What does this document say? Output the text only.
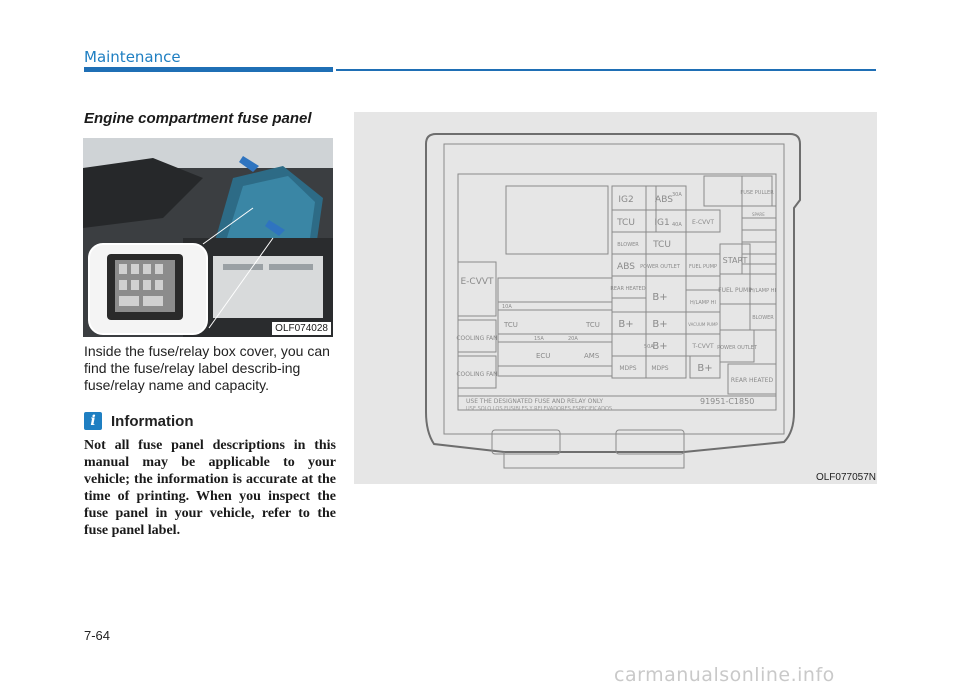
Maintenance
Engine compartment fuse panel
OLF074028
Inside the fuse/relay box cover, you can find the fuse/relay label describ-ing fuse/relay name and capacity.
i	Information
Not all fuse panel descriptions in this manual may be applicable to your vehicle; the information is accurate at the time of printing. When you inspect the fuse panel in your vehicle, refer to the fuse panel label.
E-CVVT
COOLING FAN
COOLING FAN
IG2 ABS
TCU IG1
BLOWER TCU
ABS POWER OUTLET
REAR HEATED
B+
B+ B+
B+
MDPS MDPS	B+
TCU
ECU	AMS
TCU
E-CVVT
FUEL PUMP
H/LAMP HI
VACUUM PUMP
T-CVVT
FUSE PULLER
START
FUEL PUMP
H/LAMP HI
BLOWER
POWER OUTLET
REAR HEATED
SPARE
10A
15A	20A
30A
40A
50A
USE THE DESIGNATED FUSE AND RELAY ONLY
USE SOLO LOS FUSIBLES Y RELEVADORES ESPECIFICADOS
91951-C1850
OLF077057N
7-64
carmanualsonline.info
